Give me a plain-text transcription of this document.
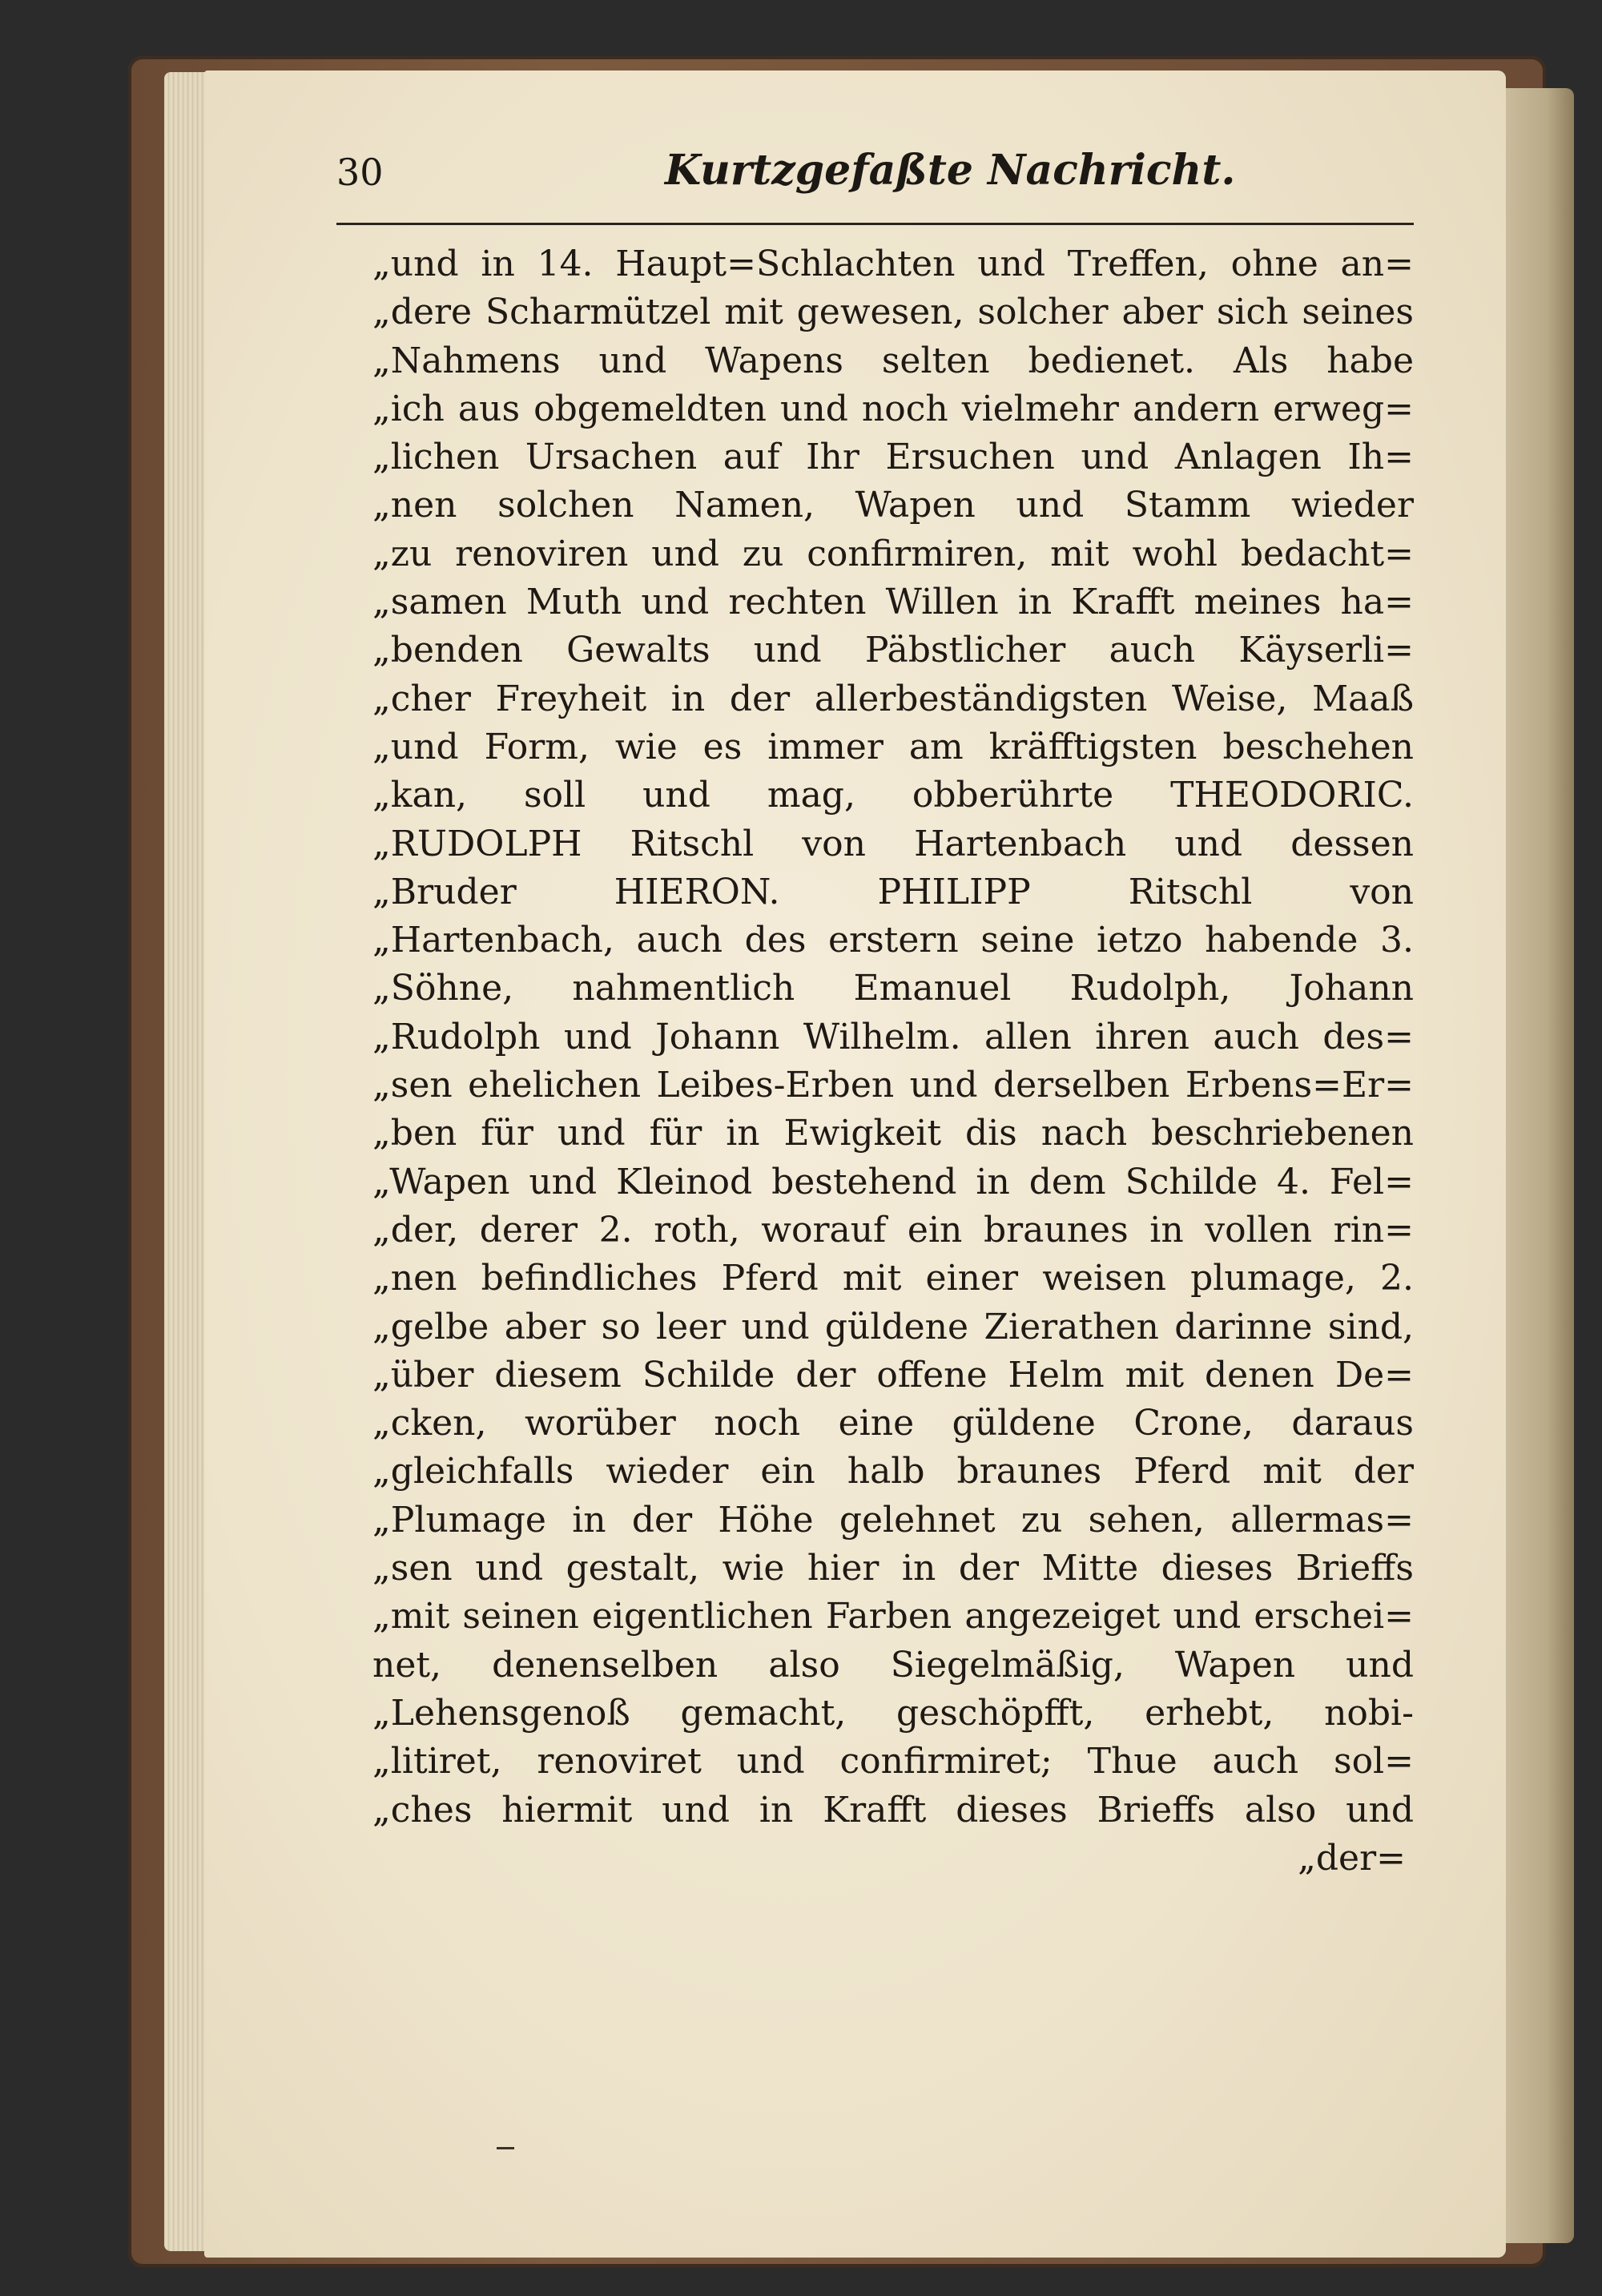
30	Kurtzgefaßte Nachricht.
„und in 14. Haupt=Schlachten und Treffen, ohne an=
„dere Scharmützel mit gewesen, solcher aber sich seines
„Nahmens und Wapens selten bedienet. Als habe
„ich aus obgemeldten und noch vielmehr andern erweg=
„lichen Ursachen auf Ihr Ersuchen und Anlagen Ih=
„nen solchen Namen, Wapen und Stamm wieder
„zu renoviren und zu confirmiren, mit wohl bedacht=
„samen Muth und rechten Willen in Krafft meines ha=
„benden Gewalts und Päbstlicher auch Käyserli=
„cher Freyheit in der allerbeständigsten Weise, Maaß
„und Form, wie es immer am kräfftigsten beschehen
„kan, soll und mag, obberührte THEODORIC.
„RUDOLPH Ritschl von Hartenbach und dessen
„Bruder HIERON. PHILIPP Ritschl von
„Hartenbach, auch des erstern seine ietzo habende 3.
„Söhne, nahmentlich Emanuel Rudolph, Johann
„Rudolph und Johann Wilhelm. allen ihren auch des=
„sen ehelichen Leibes-Erben und derselben Erbens=Er=
„ben für und für in Ewigkeit dis nach beschriebenen
„Wapen und Kleinod bestehend in dem Schilde 4. Fel=
„der, derer 2. roth, worauf ein braunes in vollen rin=
„nen befindliches Pferd mit einer weisen plumage, 2.
„gelbe aber so leer und güldene Zierathen darinne sind,
„über diesem Schilde der offene Helm mit denen De=
„cken, worüber noch eine güldene Crone, daraus
„gleichfalls wieder ein halb braunes Pferd mit der
„Plumage in der Höhe gelehnet zu sehen, allermas=
„sen und gestalt, wie hier in der Mitte dieses Brieffs
„mit seinen eigentlichen Farben angezeiget und erschei=
net, denenselben also Siegelmäßig, Wapen und
„Lehensgenoß gemacht, geschöpfft, erhebt, nobi-
„litiret, renoviret und confirmiret; Thue auch sol=
„ches hiermit und in Krafft dieses Brieffs also und
„der=
